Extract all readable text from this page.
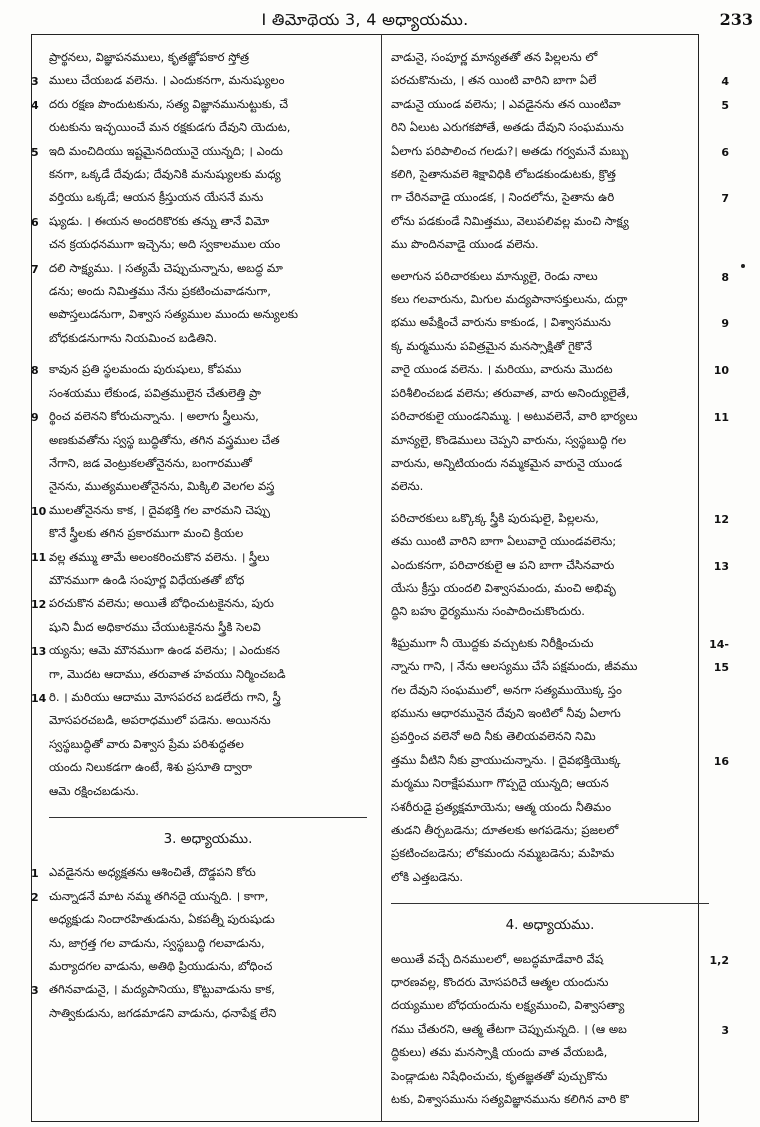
I తిమోథెయ 3, 4 అధ్యాయము.	233
ప్రార్థనలు, విజ్ఞాపనములు, కృతజ్ఞోపకార స్తోత్ర
ములు చేయబడ వలెను. । ఎందుకనగా, మనుష్యులం
దరు రక్షణ పొందుటకును, సత్య విజ్ఞానమునుట్టుకు, చే
రుటకును ఇచ్ఛయించే మన రక్షకుడగు దేవుని యెదుట,
ఇది మంచిదియు ఇష్టమైనదియునై యున్నది; । ఎందు
కనగా, ఒక్కడే దేవుడు; దేవునికి మనుష్యులకు మధ్య
వర్తియు ఒక్కడే; ఆయన క్రీస్తుయన యేసనే మను
ష్యుడు. । ఈయన అందరికొరకు తన్ను తానే విమో
చన క్రయధనముగా ఇచ్చెను; అది స్వకాలముల యం
దలి సాక్ష్యము. । సత్యమే చెప్పుచున్నాను, అబద్ధ మా
డను; అందు నిమిత్తము నేను ప్రకటించువాడనుగా,
అపొస్తలుడనుగా, విశ్వాస సత్యముల ముందు అన్యులకు
బోధకుడనుగాను నియమించ బడితిని.
3
4
5
6
7
కావున ప్రతి స్థలమందు పురుషులు, కోపము
సంశయము లేకుండ, పవిత్రములైన చేతులెత్తి ప్రా
ర్థించ వలెనని కోరుచున్నాను. । అలాగు స్త్రీలును,
అణకువతోను స్వస్థ బుద్ధితోను, తగిన వస్త్రముల చేత
నేగాని, జడ వెంట్రుకలతోనైనను, బంగారముతో
నైనను, ముత్యములతోనైనను, మిక్కిలి వెలగల వస్త్ర
ములతోనైనను కాక, । దైవభక్తి గల వారమని చెప్పు
కొనే స్త్రీలకు తగిన ప్రకారముగా మంచి క్రియల
వల్ల తమ్ము తామే అలంకరించుకొన వలెను. । స్త్రీలు
మౌనముగా ఉండి సంపూర్ణ విధేయతతో బోధ
పరచుకొన వలెను; అయితే బోధించుటకైనను, పురు
షుని మీద అధికారము చేయుటకైనను స్త్రీకి సెలవి
య్యను; ఆమె మౌనముగా ఉండ వలెను; । ఎందుకన
గా, మొదట ఆదాము, తరువాత హవయు నిర్మించబడి
రి. । మరియు ఆదాము మోసపరచ బడలేదు గాని, స్త్రీ
మోసపరచబడి, అపరాధములో పడెను. అయినను
స్వస్థబుద్ధితో వారు విశ్వాస ప్రేమ పరిశుద్ధతల
యందు నిలుకడగా ఉంటే, శిశు ప్రసూతి ద్వారా
ఆమె రక్షించబడును.
8
9
10
11
12
13
14
3. అధ్యాయము.
ఎవడైనను అధ్యక్షతను ఆశించితే, దొడ్డపని కోరు
చున్నాడనే మాట నమ్మ తగినదై యున్నది. । కాగా,
అధ్యక్షుడు నిందారహితుడును, ఏకపత్నీ పురుషుడు
ను, జాగ్రత్త గల వాడును, స్వస్థబుద్ధి గలవాడును,
మర్యాదగల వాడును, అతిథి ప్రియుడును, బోధించ
తగినవాడునై, । మద్యపానియు, కొట్టువాడును కాక,
సాత్వికుడును, జగడమాడని వాడును, ధనాపేక్ష లేని
1
2
3
వాడునై, సంపూర్ణ మాన్యతతో తన పిల్లలను లో
పరచుకొనుచు, । తన యింటి వారిని బాగా ఏలే
వాడునై యుండ వలెను; । ఎవడైనను తన యింటివా
రిని ఏలుట ఎరుగకపోతే, అతడు దేవుని సంఘమును
ఏలాగు పరిపాలించ గలడు?। అతడు గర్వమనే మబ్బు
కలిగి, సైతానువలె శిక్షావిధికి లోబడకుండుటకు, క్రొత్త
గా చేరినవాడై యుండక, । నిందలోను, సైతాను ఉరి
లోను పడకుండే నిమిత్తము, వెలుపలివల్ల మంచి సాక్ష్య
ము పొందినవాడై యుండ వలెను.
4
5
6
7
అలాగున పరిచారకులు మాన్యులై, రెండు నాలు
కలు గలవారును, మిగుల మద్యపానాసక్తులును, దుర్లా
భము అపేక్షించే వారును కాకుండ, । విశ్వాసమును
క్క మర్మమును పవిత్రమైన మనస్సాక్షితో గైకొనే
వారై యుండ వలెను. । మరియు, వారును మొదట
పరిశీలించబడ వలెను; తరువాత, వారు అనింద్యులైతే,
పరిచారకులై యుండనిమ్ము. । అటువలెనే, వారి భార్యలు
మాన్యలై, కొండెములు చెప్పని వారును, స్వస్థబుద్ధి గల
వారును, అన్నిటియందు నమ్మకమైన వారునై యుండ
వలెను.
8
9
10
11
పరిచారకులు ఒక్కొక్క స్త్రీకి పురుషులై, పిల్లలను,
తమ యింటి వారిని బాగా ఏలువారై యుండవలెను;
ఎందుకనగా, పరిచారకులై ఆ పని బాగా చేసినవారు
యేసు క్రీస్తు యందలి విశ్వాసమందు, మంచి అభివృ
ద్ధిని బహు ధైర్యమును సంపాదించుకొందురు.
12
13
శీఘ్రముగా నీ యొద్దకు వచ్చుటకు నిరీక్షించుచు
న్నాను గాని, । నేను ఆలస్యము చేసే పక్షమందు, జీవము
గల దేవుని సంఘములో, అనగా సత్యముయొక్క స్తం
భమును ఆధారమునైన దేవుని ఇంటిలో నీవు ఏలాగు
ప్రవర్తించ వలెనో అది నీకు తెలియవలెనని నిమి
త్తము వీటిని నీకు వ్రాయుచున్నాను. । దైవభక్తియొక్క
మర్మము నిరాక్షేపముగా గొప్పదై యున్నది; ఆయన
సశరీరుడై ప్రత్యక్షమాయెను; ఆత్మ యందు నీతిమం
తుడని తీర్చబడెను; దూతలకు అగపడెను; ప్రజలలో
ప్రకటించబడెను; లోకమందు నమ్మబడెను; మహిమ
లోకి ఎత్తబడెను.
14-
15
16
4. అధ్యాయము.
అయితే వచ్చే దినములలో, అబద్ధమాడేవారి వేష
ధారణవల్ల, కొందరు మోసపరిచే ఆత్మల యందును
దయ్యముల బోధయందును లక్ష్యముంచి, విశ్వాసత్యా
గము చేతురని, ఆత్మ తేటగా చెప్పుచున్నది. । (ఆ అబ
ద్ధికులు) తమ మనస్సాక్షి యందు వాత వేయబడి,
పెండ్లాడుట నిషేధించుచు, కృతజ్ఞతతో పుచ్చుకొను
టకు, విశ్వాసమును సత్యవిజ్ఞానమును కలిగిన వారి కొ
1,2
3
